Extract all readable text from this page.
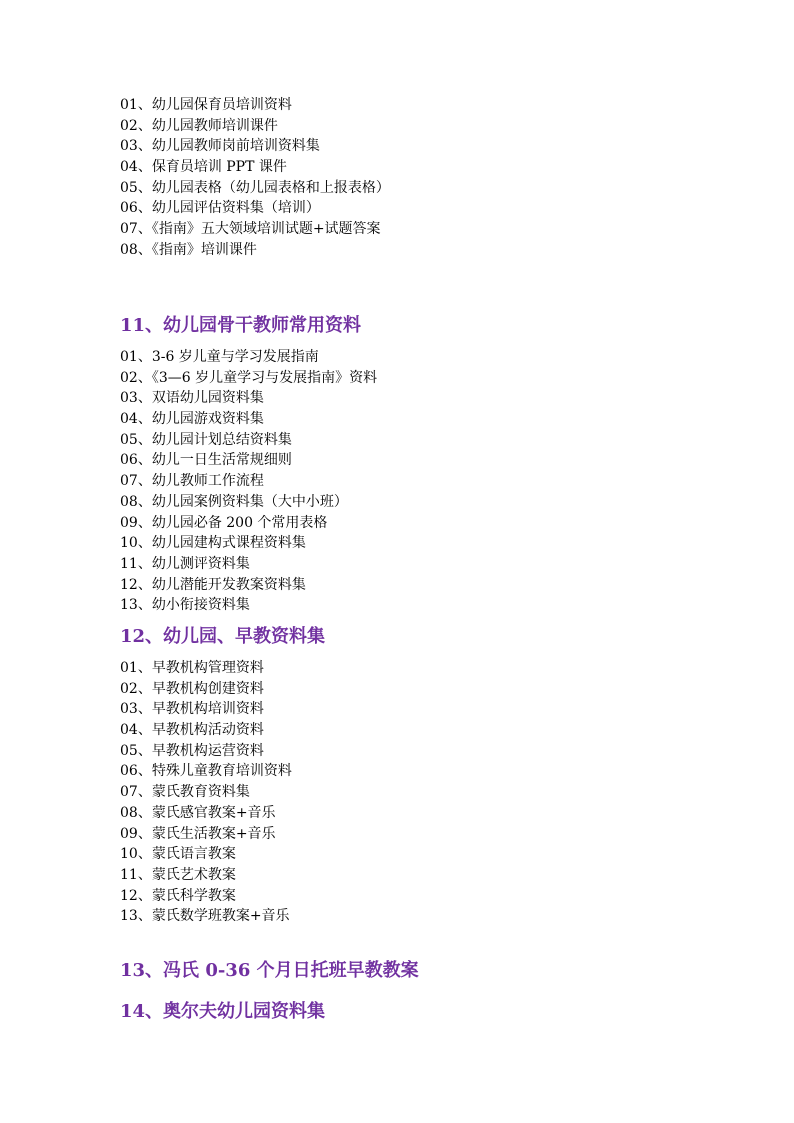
01、幼儿园保育员培训资料
02、幼儿园教师培训课件
03、幼儿园教师岗前培训资料集
04、保育员培训 PPT 课件
05、幼儿园表格（幼儿园表格和上报表格）
06、幼儿园评估资料集（培训）
07、《指南》五大领域培训试题+试题答案
08、《指南》培训课件
11、幼儿园骨干教师常用资料
01、3-6 岁儿童与学习发展指南
02、《3—6 岁儿童学习与发展指南》资料
03、双语幼儿园资料集
04、幼儿园游戏资料集
05、幼儿园计划总结资料集
06、幼儿一日生活常规细则
07、幼儿教师工作流程
08、幼儿园案例资料集（大中小班）
09、幼儿园必备 200 个常用表格
10、幼儿园建构式课程资料集
11、幼儿测评资料集
12、幼儿潜能开发教案资料集
13、幼小衔接资料集
12、幼儿园、早教资料集
01、早教机构管理资料
02、早教机构创建资料
03、早教机构培训资料
04、早教机构活动资料
05、早教机构运营资料
06、特殊儿童教育培训资料
07、蒙氏教育资料集
08、蒙氏感官教案+音乐
09、蒙氏生活教案+音乐
10、蒙氏语言教案
11、蒙氏艺术教案
12、蒙氏科学教案
13、蒙氏数学班教案+音乐
13、冯氏 0-36 个月日托班早教教案
14、奥尔夫幼儿园资料集
